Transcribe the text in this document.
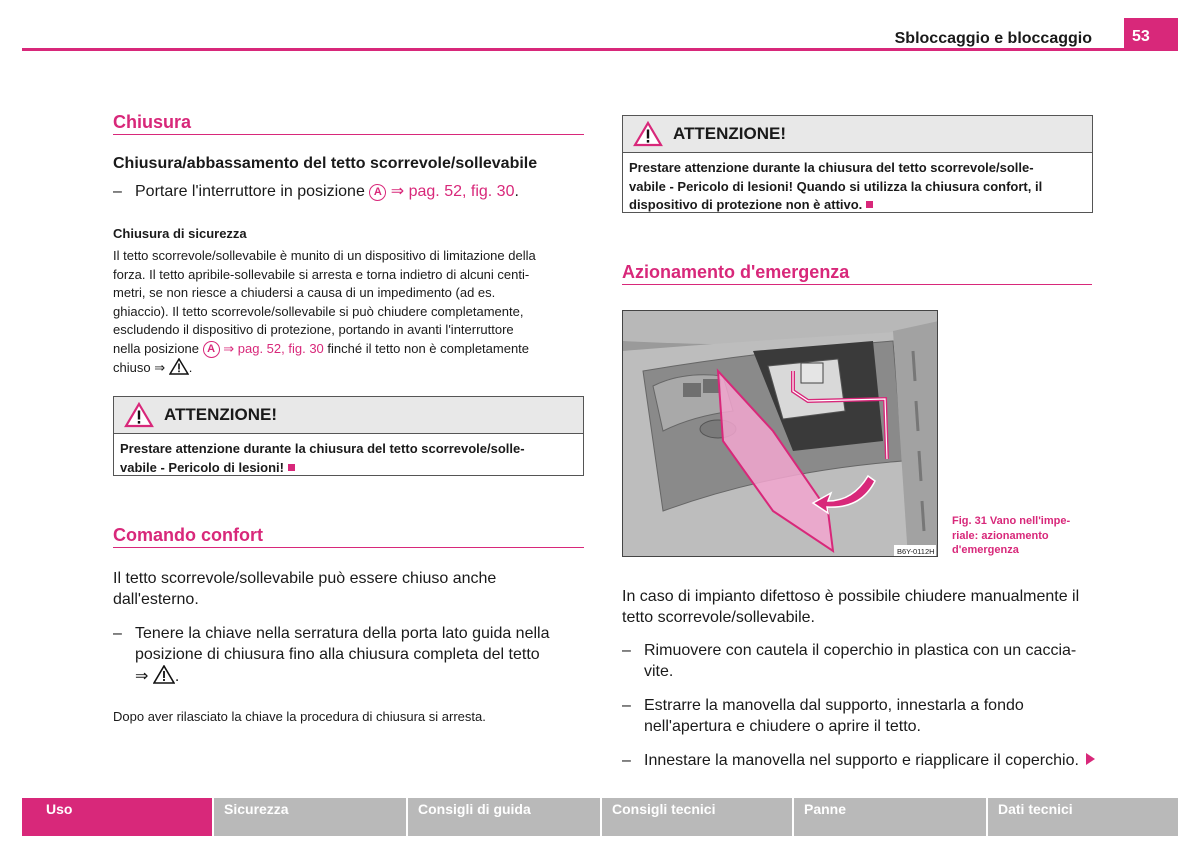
Sbloccaggio e bloccaggio	53
Chiusura
Chiusura/abbassamento del tetto scorrevole/sollevabile
– Portare l'interruttore in posizione A ⇒ pag. 52, fig. 30.
Chiusura di sicurezza
Il tetto scorrevole/sollevabile è munito di un dispositivo di limitazione della
forza. Il tetto apribile-sollevabile si arresta e torna indietro di alcuni centi-
metri, se non riesce a chiudersi a causa di un impedimento (ad es.
ghiaccio). Il tetto scorrevole/sollevabile si può chiudere completamente,
escludendo il dispositivo di protezione, portando in avanti l'interruttore
nella posizione A ⇒ pag. 52, fig. 30 finché il tetto non è completamente
chiuso ⇒ .
ATTENZIONE!
Prestare attenzione durante la chiusura del tetto scorrevole/solle-
vabile - Pericolo di lesioni!
Comando confort
Il tetto scorrevole/sollevabile può essere chiuso anche
dall'esterno.
– Tenere la chiave nella serratura della porta lato guida nella
posizione di chiusura fino alla chiusura completa del tetto
⇒ .
Dopo aver rilasciato la chiave la procedura di chiusura si arresta.
ATTENZIONE!
Prestare attenzione durante la chiusura del tetto scorrevole/solle-
vabile - Pericolo di lesioni! Quando si utilizza la chiusura confort, il
dispositivo di protezione non è attivo.
Azionamento d'emergenza
B6Y-0112H
Fig. 31 Vano nell'impe-
riale: azionamento
d'emergenza
In caso di impianto difettoso è possibile chiudere manualmente il
tetto scorrevole/sollevabile.
– Rimuovere con cautela il coperchio in plastica con un caccia-
vite.
– Estrarre la manovella dal supporto, innestarla a fondo
nell'apertura e chiudere o aprire il tetto.
– Innestare la manovella nel supporto e riapplicare il coperchio.
Uso	Sicurezza	Consigli di guida	Consigli tecnici	Panne	Dati tecnici
